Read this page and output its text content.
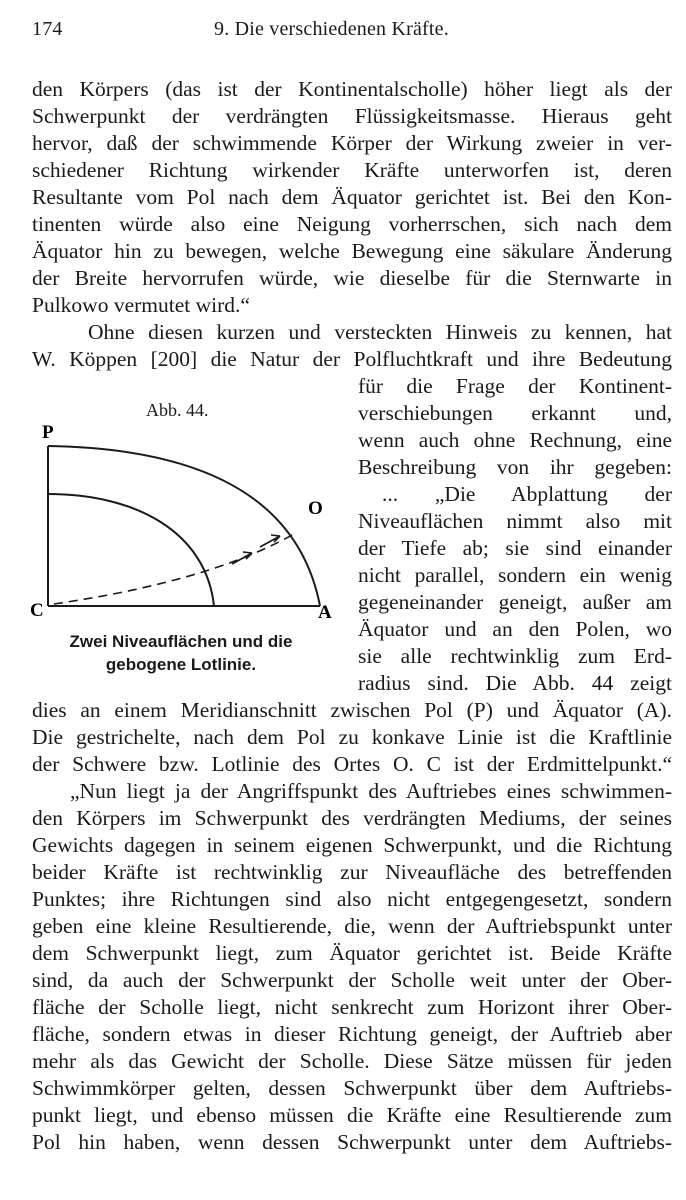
174	9. Die verschiedenen Kräfte.
den Körpers (das ist der Kontinentalscholle) höher liegt als der
Schwerpunkt der verdrängten Flüssigkeitsmasse. Hieraus geht
hervor, daß der schwimmende Körper der Wirkung zweier in ver-
schiedener Richtung wirkender Kräfte unterworfen ist, deren
Resultante vom Pol nach dem Äquator gerichtet ist. Bei den Kon-
tinenten würde also eine Neigung vorherrschen, sich nach dem
Äquator hin zu bewegen, welche Bewegung eine säkulare Änderung
der Breite hervorrufen würde, wie dieselbe für die Sternwarte in
Pulkowo vermutet wird.“
Ohne diesen kurzen und versteckten Hinweis zu kennen, hat
W. Köppen [200] die Natur der Polfluchtkraft und ihre Bedeutung
Abb. 44.
P
O
C	A
Zwei Niveauflächen und die
gebogene Lotlinie.
für die Frage der Kontinent-
verschiebungen erkannt und,
wenn auch ohne Rechnung, eine
Beschreibung von ihr gegeben:
... „Die Abplattung der
Niveauflächen nimmt also mit
der Tiefe ab; sie sind einander
nicht parallel, sondern ein wenig
gegeneinander geneigt, außer am
Äquator und an den Polen, wo
sie alle rechtwinklig zum Erd-
radius sind. Die Abb. 44 zeigt
dies an einem Meridianschnitt zwischen Pol (P) und Äquator (A).
Die gestrichelte, nach dem Pol zu konkave Linie ist die Kraftlinie
der Schwere bzw. Lotlinie des Ortes O. C ist der Erdmittelpunkt.“
„Nun liegt ja der Angriffspunkt des Auftriebes eines schwimmen-
den Körpers im Schwerpunkt des verdrängten Mediums, der seines
Gewichts dagegen in seinem eigenen Schwerpunkt, und die Richtung
beider Kräfte ist rechtwinklig zur Niveaufläche des betreffenden
Punktes; ihre Richtungen sind also nicht entgegengesetzt, sondern
geben eine kleine Resultierende, die, wenn der Auftriebspunkt unter
dem Schwerpunkt liegt, zum Äquator gerichtet ist. Beide Kräfte
sind, da auch der Schwerpunkt der Scholle weit unter der Ober-
fläche der Scholle liegt, nicht senkrecht zum Horizont ihrer Ober-
fläche, sondern etwas in dieser Richtung geneigt, der Auftrieb aber
mehr als das Gewicht der Scholle. Diese Sätze müssen für jeden
Schwimmkörper gelten, dessen Schwerpunkt über dem Auftriebs-
punkt liegt, und ebenso müssen die Kräfte eine Resultierende zum
Pol hin haben, wenn dessen Schwerpunkt unter dem Auftriebs-
